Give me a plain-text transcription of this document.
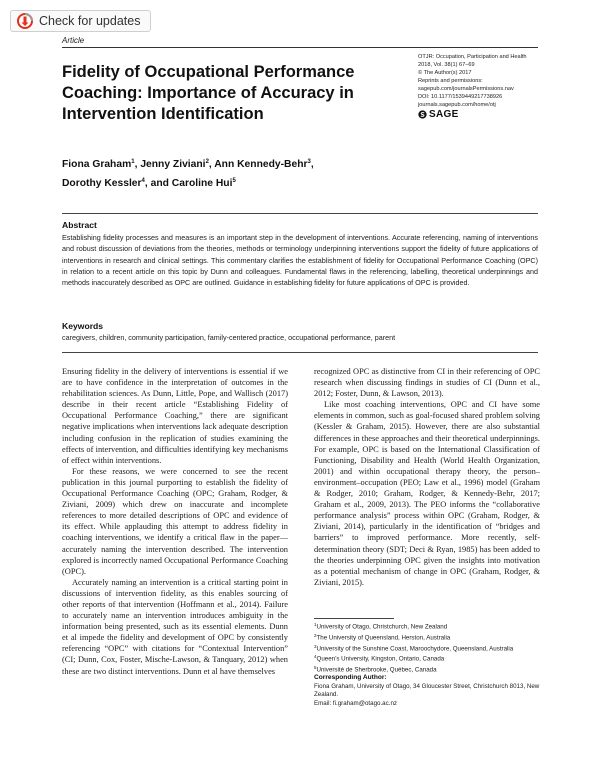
Check for updates
Article
Fidelity of Occupational Performance Coaching: Importance of Accuracy in Intervention Identification
OTJR: Occupation, Participation and Health
2018, Vol. 38(1) 67–69
© The Author(s) 2017
Reprints and permissions:
sagepub.com/journalsPermissions.nav
DOI: 10.1177/1539449217738926
journals.sagepub.com/home/otj
SAGE
Fiona Graham$^1$, Jenny Ziviani$^2$, Ann Kennedy-Behr$^3$,
Dorothy Kessler$^4$, and Caroline Hui$^5$
Abstract

Establishing fidelity processes and measures is an important step in the development of interventions. Accurate referencing, naming of interventions and robust discussion of deviations from the theories, methods or terminology underpinning interventions support the fidelity of future applications of interventions in research and clinical settings. This commentary clarifies the establishment of fidelity for Occupational Performance Coaching (OPC) in relation to a recent article on this topic by Dunn and colleagues. Fundamental flaws in the referencing, labelling, theoretical underpinnings and methods inaccurately described as OPC are outlined. Guidance in establishing fidelity for future applications of OPC is provided.

Keywords

caregivers, children, community participation, family-centered practice, occupational performance, parent

Ensuring fidelity in the delivery of interventions is essential if we are to have confidence in the interpretation of outcomes in the rehabilitation sciences. As Dunn, Little, Pope, and Wallisch (2017) describe in their recent article “Establishing Fidelity of Occupational Performance Coaching,” there are significant negative implications when interventions lack adequate description including confusion in the replication of studies examining the effects of intervention, and difficulties identifying key mechanisms of effect within interventions.

For these reasons, we were concerned to see the recent publication in this journal purporting to establish the fidelity of Occupational Performance Coaching (OPC; Graham, Rodger, & Ziviani, 2009) which drew on inaccurate and incomplete references to more detailed descriptions of OPC and evidence of its effect. While applauding this attempt to address fidelity in coaching interventions, we identify a critical flaw in the paper—accurately naming the intervention described. The intervention explored is incorrectly named Occupational Performance Coaching (OPC).

Accurately naming an intervention is a critical starting point in discussions of intervention fidelity, as this enables sourcing of other reports of that intervention (Hoffmann et al., 2014). Failure to accurately name an intervention introduces ambiguity in the information being presented, such as its essential elements. Dunn et al impede the fidelity and development of OPC by consistently referencing “OPC” with citations for “Contextual Intervention” (CI; Dunn, Cox, Foster, Mische-Lawson, & Tanquary, 2012) when these are two distinct interventions. Dunn et al have themselves

recognized OPC as distinctive from CI in their referencing of OPC research when discussing findings in studies of CI (Dunn et al., 2012; Foster, Dunn, & Lawson, 2013).

Like most coaching interventions, OPC and CI have some elements in common, such as goal-focused shared problem solving (Kessler & Graham, 2015). However, there are also substantial differences in these approaches and their theoretical underpinnings. For example, OPC is based on the International Classification of Functioning, Disability and Health (World Health Organization, 2001) and within occupational therapy theory, the person–environment–occupation (PEO; Law et al., 1996) model (Graham & Rodger, 2010; Graham, Rodger, & Kennedy-Behr, 2017; Graham et al., 2009, 2013). The PEO informs the “collaborative performance analysis” process within OPC (Graham, Rodger, & Ziviani, 2014), particularly in the identification of “bridges and barriers” to improved performance. More recently, self-determination theory (SDT; Deci & Ryan, 1985) has been added to the theories underpinning OPC given the insights into motivation as a potential mechanism of change in OPC (Graham, Rodger, & Ziviani, 2015).

$^1$University of Otago, Christchurch, New Zealand
$^2$The University of Queensland, Herston, Australia
$^3$University of the Sunshine Coast, Maroochydore, Queensland, Australia
$^4$Queen’s University, Kingston, Ontario, Canada
$^5$Université de Sherbrooke, Québec, Canada
Corresponding Author:
Fiona Graham, University of Otago, 34 Gloucester Street, Christchurch 8013, New Zealand.
Email: fi.graham@otago.ac.nz
